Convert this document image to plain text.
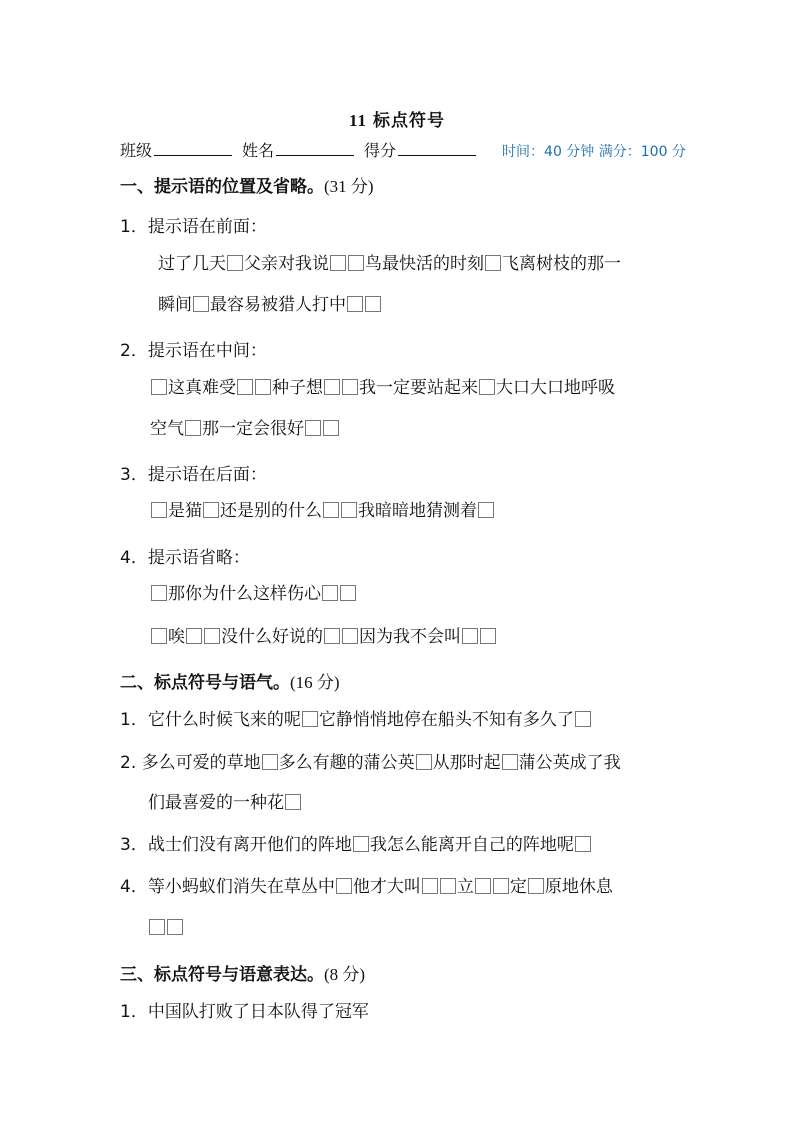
11 标点符号
班级	姓名	得分	时间：40 分钟 满分：100 分
一、提示语的位置及省略。(31 分)
1．提示语在前面：
过了几天 父亲对我说 鸟最快活的时刻 飞离树枝的那一
瞬间 最容易被猎人打中
2．提示语在中间：
这真难受 种子想 我一定要站起来 大口大口地呼吸
空气 那一定会很好
3．提示语在后面：
是猫 还是别的什么 我暗暗地猜测着
4．提示语省略：
那你为什么这样伤心
唉 没什么好说的 因为我不会叫
二、标点符号与语气。(16 分)
1．它什么时候飞来的呢 它静悄悄地停在船头不知有多久了
2. 多么可爱的草地 多么有趣的蒲公英 从那时起 蒲公英成了我
们最喜爱的一种花
3．战士们没有离开他们的阵地 我怎么能离开自己的阵地呢
4．等小蚂蚁们消失在草丛中 他才大叫 立 定 原地休息
三、标点符号与语意表达。(8 分)
1．中国队打败了日本队得了冠军
